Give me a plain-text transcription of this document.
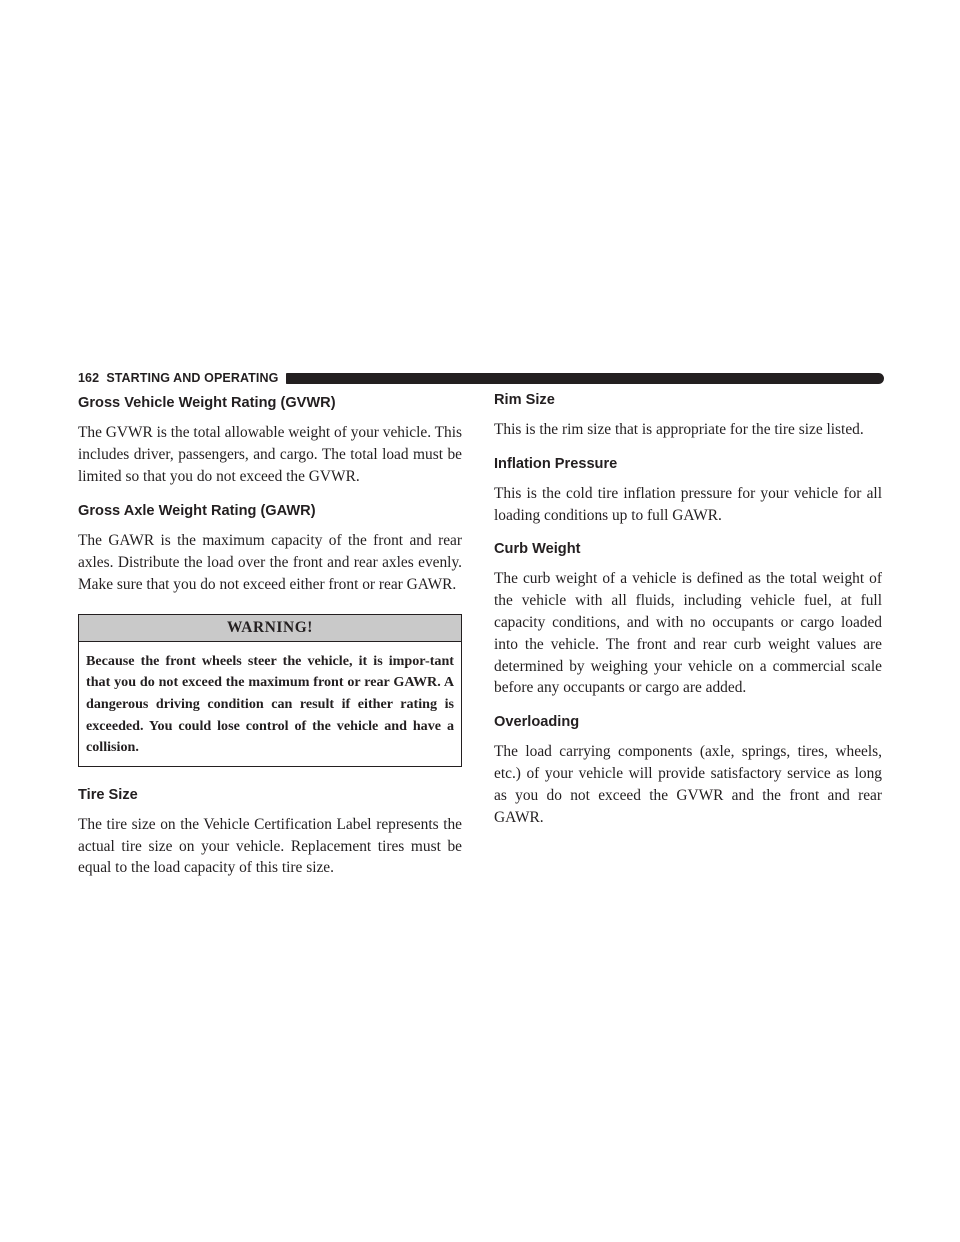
162 STARTING AND OPERATING
Gross Vehicle Weight Rating (GVWR)

The GVWR is the total allowable weight of your vehicle. This includes driver, passengers, and cargo. The total load must be limited so that you do not exceed the GVWR.

Gross Axle Weight Rating (GAWR)

The GAWR is the maximum capacity of the front and rear axles. Distribute the load over the front and rear axles evenly. Make sure that you do not exceed either front or rear GAWR.

WARNING!
Because the front wheels steer the vehicle, it is impor-tant that you do not exceed the maximum front or rear GAWR. A dangerous driving condition can result if either rating is exceeded. You could lose control of the vehicle and have a collision.
Tire Size

The tire size on the Vehicle Certification Label represents the actual tire size on your vehicle. Replacement tires must be equal to the load capacity of this tire size.

Rim Size

This is the rim size that is appropriate for the tire size listed.

Inflation Pressure

This is the cold tire inflation pressure for your vehicle for all loading conditions up to full GAWR.

Curb Weight

The curb weight of a vehicle is defined as the total weight of the vehicle with all fluids, including vehicle fuel, at full capacity conditions, and with no occupants or cargo loaded into the vehicle. The front and rear curb weight values are determined by weighing your vehicle on a commercial scale before any occupants or cargo are added.

Overloading

The load carrying components (axle, springs, tires, wheels, etc.) of your vehicle will provide satisfactory service as long as you do not exceed the GVWR and the front and rear GAWR.
